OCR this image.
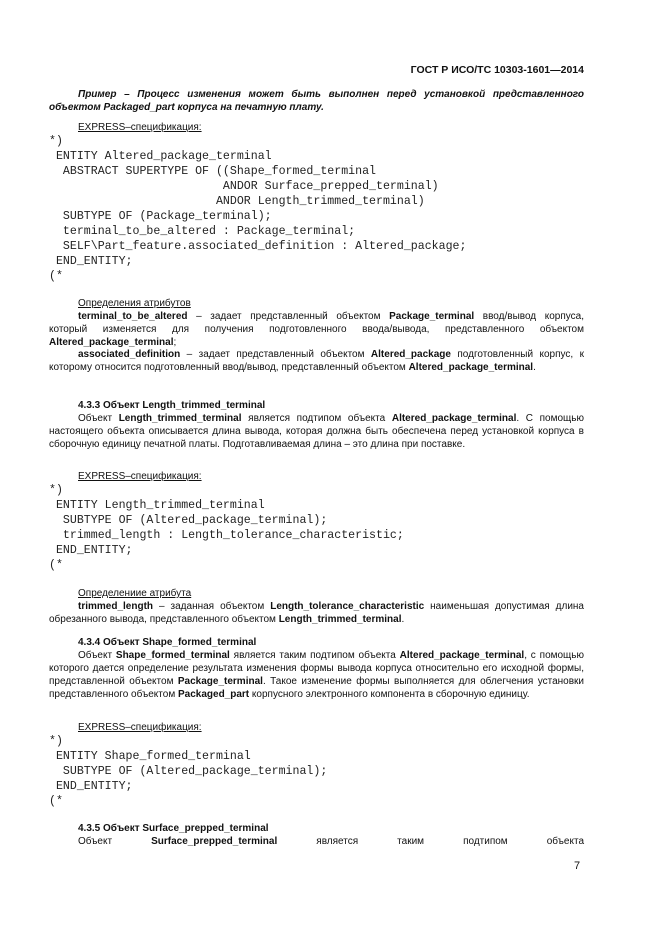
ГОСТ Р ИСО/ТС 10303-1601—2014
Пример – Процесс изменения может быть выполнен перед установкой представленного объектом Packaged_part корпуса на печатную плату.
EXPRESS–спецификация:
*)
ENTITY Altered_package_terminal
ABSTRACT SUPERTYPE OF ((Shape_formed_terminal
ANDOR Surface_prepped_terminal)
ANDOR Length_trimmed_terminal)
SUBTYPE OF (Package_terminal);
terminal_to_be_altered : Package_terminal;
SELF\Part_feature.associated_definition : Altered_package;
END_ENTITY;
(*
Определения атрибутов
terminal_to_be_altered – задает представленный объектом Package_terminal ввод/вывод корпуса, который изменяется для получения подготовленного ввода/вывода, представленного объектом Altered_package_terminal;
associated_definition – задает представленный объектом Altered_package подготовленный корпус, к которому относится подготовленный ввод/вывод, представленный объектом Altered_package_terminal.
4.3.3 Объект Length_trimmed_terminal
Объект Length_trimmed_terminal является подтипом объекта Altered_package_terminal. С помощью настоящего объекта описывается длина вывода, которая должна быть обеспечена перед установкой корпуса в сборочную единицу печатной платы. Подготавливаемая длина – это длина при поставке.
EXPRESS–спецификация:
*)
ENTITY Length_trimmed_terminal
SUBTYPE OF (Altered_package_terminal);
trimmed_length : Length_tolerance_characteristic;
END_ENTITY;
(*
Определениие атрибута
trimmed_length – заданная объектом Length_tolerance_characteristic наименьшая допустимая длина обрезанного вывода, представленного объектом Length_trimmed_terminal.
4.3.4 Объект Shape_formed_terminal
Объект Shape_formed_terminal является таким подтипом объекта Altered_package_terminal, с помощью которого дается определение результата изменения формы вывода корпуса относительно его исходной формы, представленной объектом Package_terminal. Такое изменение формы выполняется для облегчения установки представленного объектом Packaged_part корпусного электронного компонента в сборочную единицу.
EXPRESS–спецификация:
*)
ENTITY Shape_formed_terminal
SUBTYPE OF (Altered_package_terminal);
END_ENTITY;
(*
4.3.5 Объект Surface_prepped_terminal
Объект Surface_prepped_terminal является таким подтипом объекта
7
